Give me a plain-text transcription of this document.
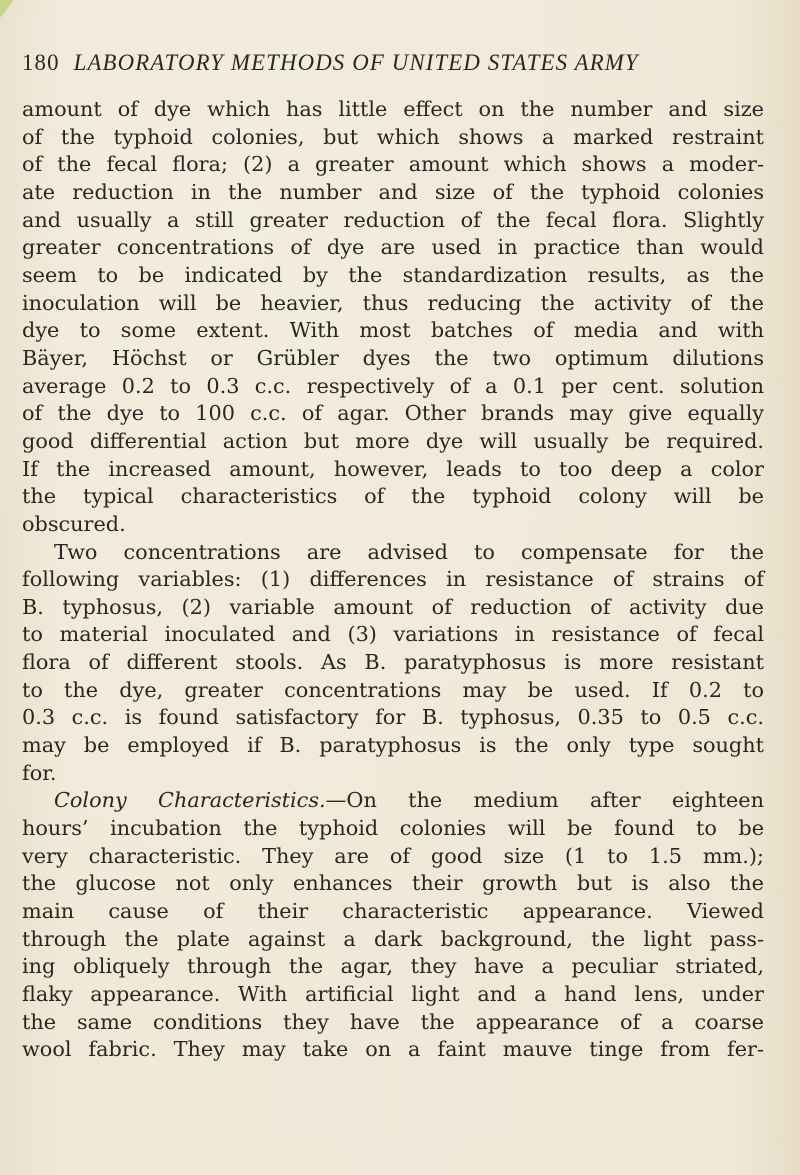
180 LABORATORY METHODS OF UNITED STATES ARMY
amount of dye which has little effect on the number and size
of the typhoid colonies, but which shows a marked restraint
of the fecal flora; (2) a greater amount which shows a moder-
ate reduction in the number and size of the typhoid colonies
and usually a still greater reduction of the fecal flora. Slightly
greater concentrations of dye are used in practice than would
seem to be indicated by the standardization results, as the
inoculation will be heavier, thus reducing the activity of the
dye to some extent. With most batches of media and with
Bäyer, Höchst or Grübler dyes the two optimum dilutions
average 0.2 to 0.3 c.c. respectively of a 0.1 per cent. solution
of the dye to 100 c.c. of agar. Other brands may give equally
good differential action but more dye will usually be required.
If the increased amount, however, leads to too deep a color
the typical characteristics of the typhoid colony will be
obscured.
Two concentrations are advised to compensate for the
following variables: (1) differences in resistance of strains of
B. typhosus, (2) variable amount of reduction of activity due
to material inoculated and (3) variations in resistance of fecal
flora of different stools. As B. paratyphosus is more resistant
to the dye, greater concentrations may be used. If 0.2 to
0.3 c.c. is found satisfactory for B. typhosus, 0.35 to 0.5 c.c.
may be employed if B. paratyphosus is the only type sought
for.
Colony Characteristics.—On the medium after eighteen
hours’ incubation the typhoid colonies will be found to be
very characteristic. They are of good size (1 to 1.5 mm.);
the glucose not only enhances their growth but is also the
main cause of their characteristic appearance. Viewed
through the plate against a dark background, the light pass-
ing obliquely through the agar, they have a peculiar striated,
flaky appearance. With artificial light and a hand lens, under
the same conditions they have the appearance of a coarse
wool fabric. They may take on a faint mauve tinge from fer-
